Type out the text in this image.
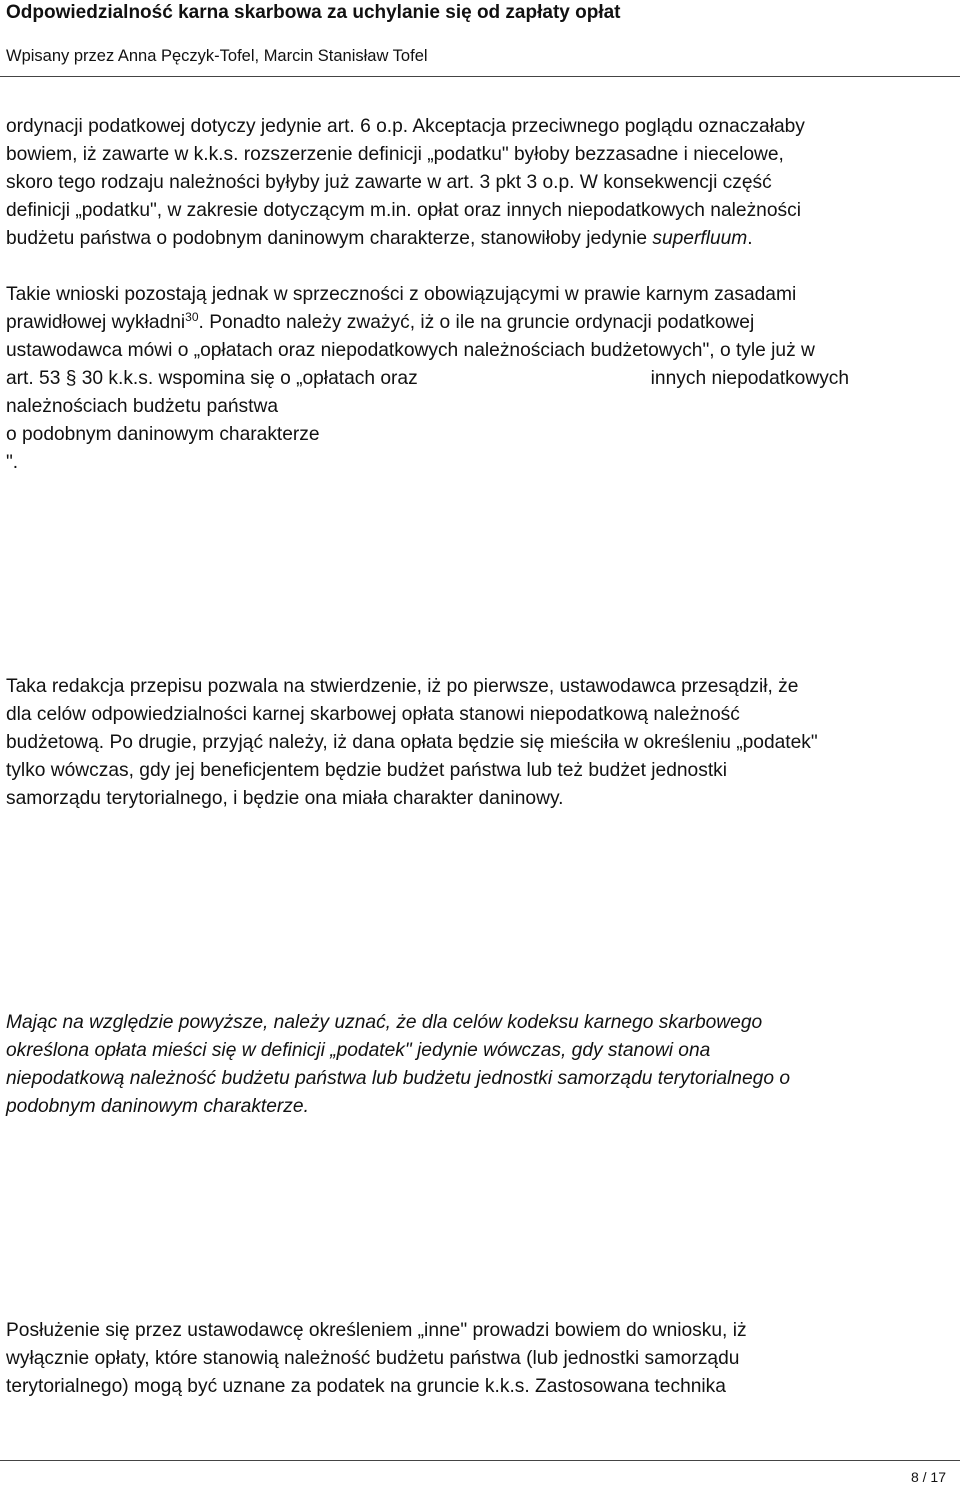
Odpowiedzialność karna skarbowa za uchylanie się od zapłaty opłat
Wpisany przez Anna Pęczyk-Tofel, Marcin Stanisław Tofel
ordynacji podatkowej dotyczy jedynie art. 6 o.p. Akceptacja przeciwnego poglądu oznaczałaby
bowiem, iż zawarte w k.k.s. rozszerzenie definicji „podatku" byłoby bezzasadne i niecelowe,
skoro tego rodzaju należności byłyby już zawarte w art. 3 pkt 3 o.p. W konsekwencji część
definicji „podatku", w zakresie dotyczącym m.in. opłat oraz innych niepodatkowych należności
budżetu państwa o podobnym daninowym charakterze, stanowiłoby jedynie superfluum.
Takie wnioski pozostają jednak w sprzeczności z obowiązującymi w prawie karnym zasadami
prawidłowej wykładni$^{30}$. Ponadto należy zważyć, iż o ile na gruncie ordynacji podatkowej
ustawodawca mówi o „opłatach oraz niepodatkowych należnościach budżetowych", o tyle już w
art. 53 § 30 k.k.s. wspomina się o „opłatach oraz	innych niepodatkowych
należnościach budżetu państwa
o podobnym daninowym charakterze
".
Taka redakcja przepisu pozwala na stwierdzenie, iż po pierwsze, ustawodawca przesądził, że
dla celów odpowiedzialności karnej skarbowej opłata stanowi niepodatkową należność
budżetową. Po drugie, przyjąć należy, iż dana opłata będzie się mieściła w określeniu „podatek"
tylko wówczas, gdy jej beneficjentem będzie budżet państwa lub też budżet jednostki
samorządu terytorialnego, i będzie ona miała charakter daninowy.
Mając na względzie powyższe, należy uznać, że dla celów kodeksu karnego skarbowego
określona opłata mieści się w definicji „podatek" jedynie wówczas, gdy stanowi ona
niepodatkową należność budżetu państwa lub budżetu jednostki samorządu terytorialnego o
podobnym daninowym charakterze.
Posłużenie się przez ustawodawcę określeniem „inne" prowadzi bowiem do wniosku, iż
wyłącznie opłaty, które stanowią należność budżetu państwa (lub jednostki samorządu
terytorialnego) mogą być uznane za podatek na gruncie k.k.s. Zastosowana technika
8 / 17
